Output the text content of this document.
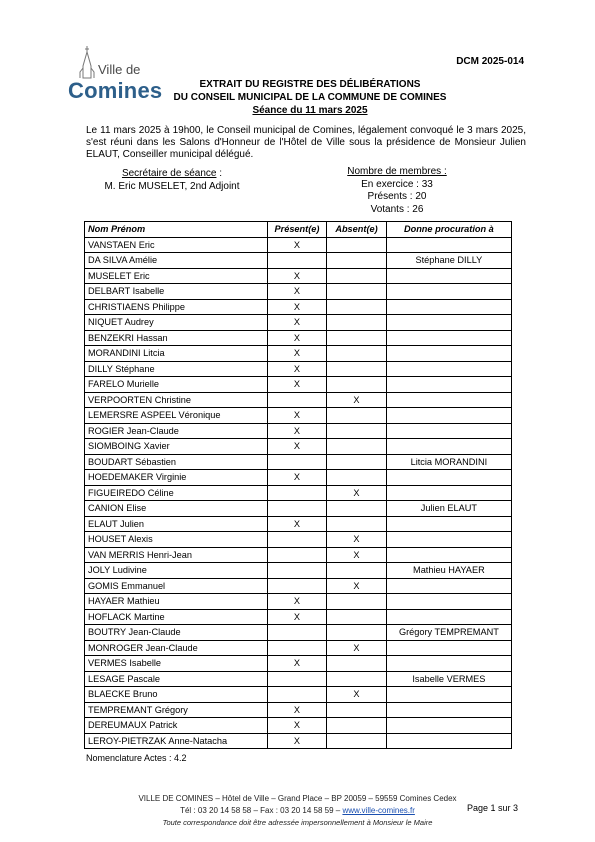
Ville de
Comines
DCM 2025-014
EXTRAIT DU REGISTRE DES DÉLIBÉRATIONS
DU CONSEIL MUNICIPAL DE LA COMMUNE DE COMINES
Séance du 11 mars 2025
Le 11 mars 2025 à 19h00, le Conseil municipal de Comines, légalement convoqué le 3 mars 2025, s'est réuni dans les Salons d'Honneur de l'Hôtel de Ville sous la présidence de Monsieur Julien ELAUT, Conseiller municipal délégué.
Secrétaire de séance :
M. Eric MUSELET, 2nd Adjoint
Nombre de membres :
En exercice : 33
Présents : 20
Votants : 26
Nom Prénom	Présent(e)	Absent(e)	Donne procuration à
VANSTAEN Eric	X		
DA SILVA Amélie			Stéphane DILLY
MUSELET Eric	X		
DELBART Isabelle	X		
CHRISTIAENS Philippe	X		
NIQUET Audrey	X		
BENZEKRI Hassan	X		
MORANDINI Litcia	X		
DILLY Stéphane	X		
FARELO Murielle	X		
VERPOORTEN Christine		X	
LEMERSRE ASPEEL Véronique	X		
ROGIER Jean-Claude	X		
SIOMBOING Xavier	X		
BOUDART Sébastien			Litcia MORANDINI
HOEDEMAKER Virginie	X		
FIGUEIREDO Céline		X	
CANION Elise			Julien ELAUT
ELAUT Julien	X		
HOUSET Alexis		X	
VAN MERRIS Henri-Jean		X	
JOLY Ludivine			Mathieu HAYAER
GOMIS Emmanuel		X	
HAYAER Mathieu	X		
HOFLACK Martine	X		
BOUTRY Jean-Claude			Grégory TEMPREMANT
MONROGER Jean-Claude		X	
VERMES Isabelle	X		
LESAGE Pascale			Isabelle VERMES
BLAECKE Bruno		X	
TEMPREMANT Grégory	X		
DEREUMAUX Patrick	X		
LEROY-PIETRZAK Anne-Natacha	X		
Nomenclature Actes : 4.2
VILLE DE COMINES – Hôtel de Ville – Grand Place – BP 20059 – 59559 Comines Cedex
Tél : 03 20 14 58 58 – Fax : 03 20 14 58 59 – www.ville-comines.fr
Toute correspondance doit être adressée impersonnellement à Monsieur le Maire
Page 1 sur 3
